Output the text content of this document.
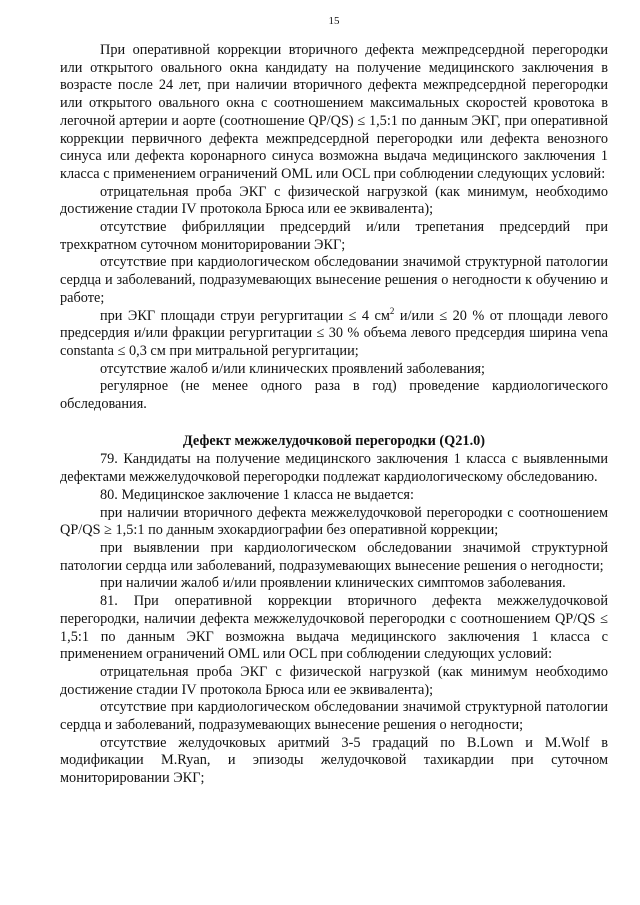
15

При оперативной коррекции вторичного дефекта межпредсердной перегородки или открытого овального окна кандидату на получение медицинского заключения в возрасте после 24 лет, при наличии вторичного дефекта межпредсердной перегородки или открытого овального окна с соотношением максимальных скоростей кровотока в легочной артерии и аорте (соотношение QP/QS) ≤ 1,5:1 по данным ЭКГ, при оперативной коррекции первичного дефекта межпредсердной перегородки или дефекта венозного синуса или дефекта коронарного синуса возможна выдача медицинского заключения 1 класса с применением ограничений OML или OCL при соблюдении следующих условий:

отрицательная проба ЭКГ с физической нагрузкой (как минимум, необходимо достижение стадии IV протокола Брюса или ее эквивалента);

отсутствие фибрилляции предсердий и/или трепетания предсердий при трехкратном суточном мониторировании ЭКГ;

отсутствие при кардиологическом обследовании значимой структурной патологии сердца и заболеваний, подразумевающих вынесение решения о негодности к обучению и работе;

при ЭКГ площади струи регургитации ≤ 4 $см^2$ и/или ≤ 20 % от площади левого предсердия и/или фракции регургитации ≤ 30 % объема левого предсердия ширина vena constanta ≤ 0,3 см при митральной регургитации;

отсутствие жалоб и/или клинических проявлений заболевания;

регулярное (не менее одного раза в год) проведение кардиологического обследования.

Дефект межжелудочковой перегородки (Q21.0)

79. Кандидаты на получение медицинского заключения 1 класса с выявленными дефектами межжелудочковой перегородки подлежат кардиологическому обследованию.

80. Медицинское заключение 1 класса не выдается:

при наличии вторичного дефекта межжелудочковой перегородки с соотношением QP/QS ≥ 1,5:1 по данным эхокардиографии без оперативной коррекции;

при выявлении при кардиологическом обследовании значимой структурной патологии сердца или заболеваний, подразумевающих вынесение решения о негодности;

при наличии жалоб и/или проявлении клинических симптомов заболевания.

81. При оперативной коррекции вторичного дефекта межжелудочковой перегородки, наличии дефекта межжелудочковой перегородки с соотношением QP/QS ≤ 1,5:1 по данным ЭКГ возможна выдача медицинского заключения 1 класса с применением ограничений OML или OCL при соблюдении следующих условий:

отрицательная проба ЭКГ с физической нагрузкой (как минимум необходимо достижение стадии IV протокола Брюса или ее эквивалента);

отсутствие при кардиологическом обследовании значимой структурной патологии сердца и заболеваний, подразумевающих вынесение решения о негодности;

отсутствие желудочковых аритмий 3-5 градаций по B.Lown и M.Wolf в модификации M.Ryan, и эпизоды желудочковой тахикардии при суточном мониторировании ЭКГ;
